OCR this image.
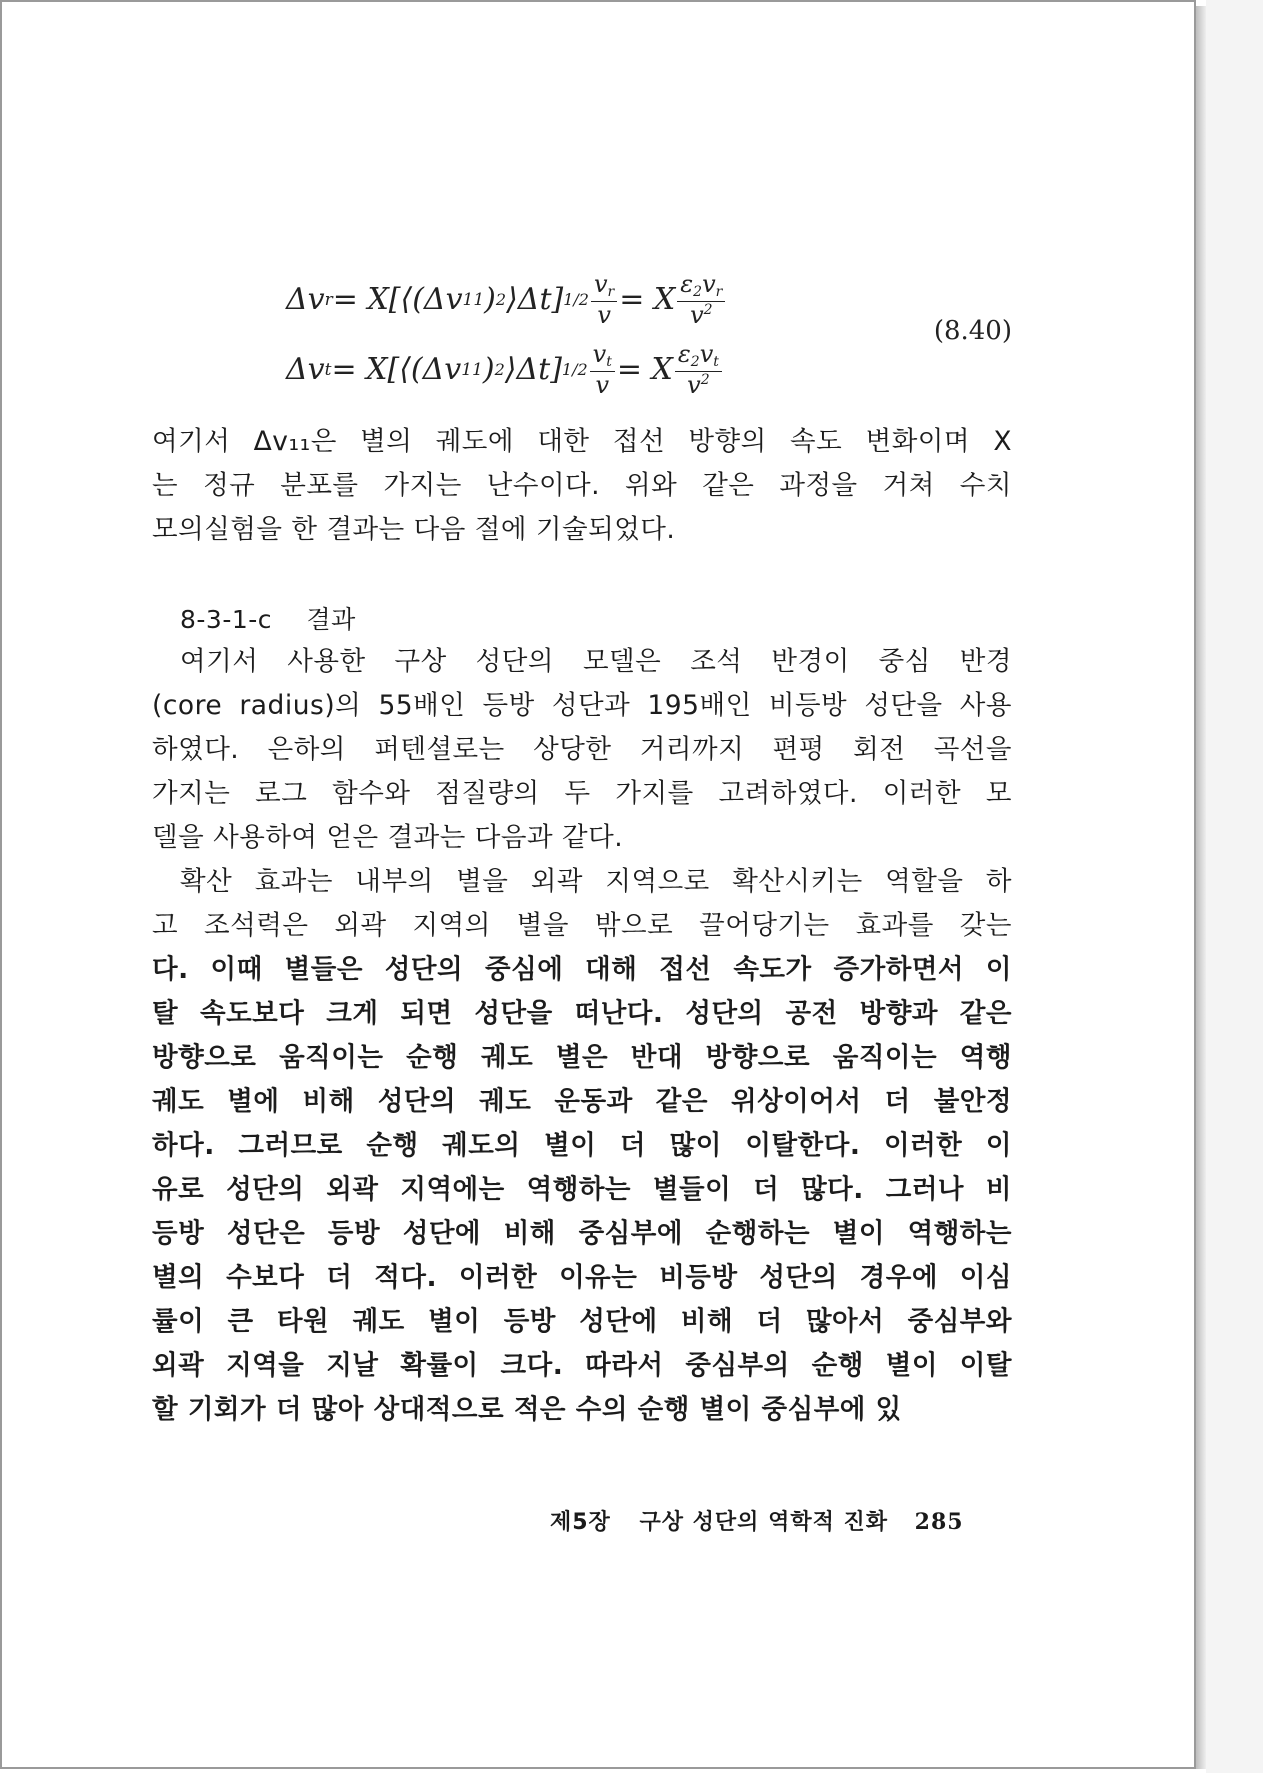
Δv r = X[⟨(Δv 11 ) 2 ⟩Δt] $1/2 \frac{v_r}{v} = X \frac{\varepsilon_2v_r}{v^2}$
(8.40)
Δv t = X[⟨(Δv 11 ) 2 ⟩Δt] $1/2 \frac{v_t}{v} = X \frac{\varepsilon_2v_t}{v^2}$
여기서 Δv₁₁은 별의 궤도에 대한 접선 방향의 속도 변화이며 X
는 정규 분포를 가지는 난수이다. 위와 같은 과정을 거쳐 수치
모의실험을 한 결과는 다음 절에 기술되었다.
8-3-1-c 결과
여기서 사용한 구상 성단의 모델은 조석 반경이 중심 반경
(core radius)의 55배인 등방 성단과 195배인 비등방 성단을 사용
하였다. 은하의 퍼텐셜로는 상당한 거리까지 편평 회전 곡선을
가지는 로그 함수와 점질량의 두 가지를 고려하였다. 이러한 모
델을 사용하여 얻은 결과는 다음과 같다.
확산 효과는 내부의 별을 외곽 지역으로 확산시키는 역할을 하
고 조석력은 외곽 지역의 별을 밖으로 끌어당기는 효과를 갖는
다. 이때 별들은 성단의 중심에 대해 접선 속도가 증가하면서 이
탈 속도보다 크게 되면 성단을 떠난다. 성단의 공전 방향과 같은
방향으로 움직이는 순행 궤도 별은 반대 방향으로 움직이는 역행
궤도 별에 비해 성단의 궤도 운동과 같은 위상이어서 더 불안정
하다. 그러므로 순행 궤도의 별이 더 많이 이탈한다. 이러한 이
유로 성단의 외곽 지역에는 역행하는 별들이 더 많다. 그러나 비
등방 성단은 등방 성단에 비해 중심부에 순행하는 별이 역행하는
별의 수보다 더 적다. 이러한 이유는 비등방 성단의 경우에 이심
률이 큰 타원 궤도 별이 등방 성단에 비해 더 많아서 중심부와
외곽 지역을 지날 확률이 크다. 따라서 중심부의 순행 별이 이탈
할 기회가 더 많아 상대적으로 적은 수의 순행 별이 중심부에 있
제5장 구상 성단의 역학적 진화 285
